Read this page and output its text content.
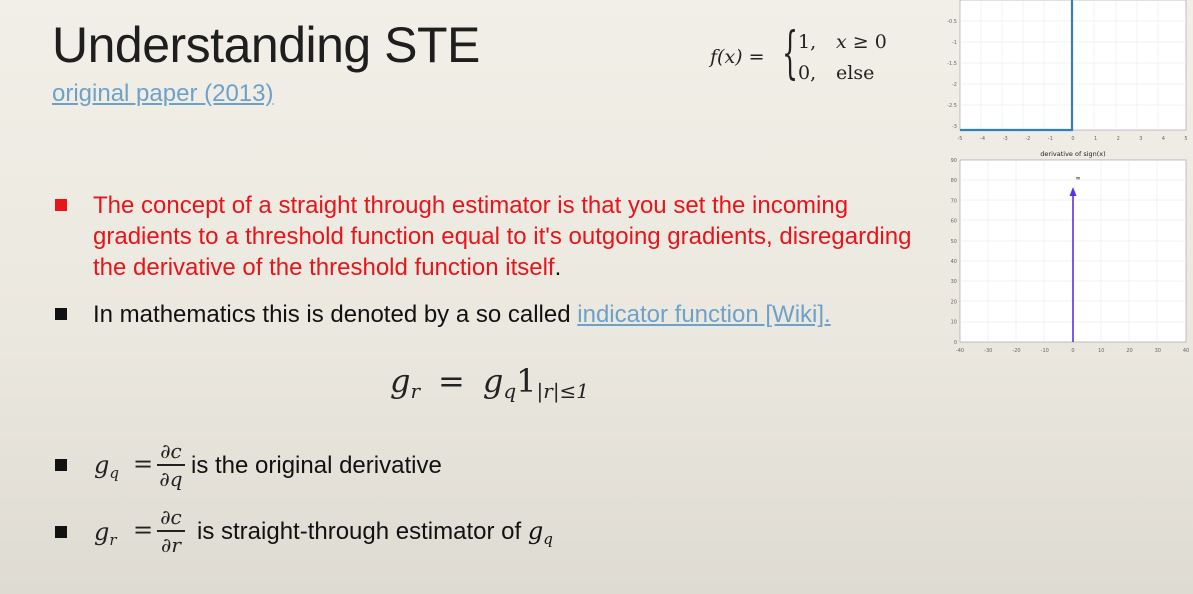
Understanding STE
original paper (2013)
f(x) = { 1, x ≥ 0
0, else
The concept of a straight through estimator is that you set the incoming gradients to a threshold function equal to it's outgoing gradients, disregarding the derivative of the threshold function itself.
In mathematics this is denoted by a so called indicator function [Wiki].
$g_r = g_q1_{|r|\le 1}$
$g_q = \partial c$
∂q is the original derivative
$g_r = \partial c$
∂r is straight-through estimator of $g_q$
-0.5
-1
-1.5
-2
-2.5
-3
-5	-4	-3	-2	-1	0	1	2	3	4	5
derivative of sign(x)
90
80
70
60
50
40
30
20
10
0
-40	-30	-20	-10	0	10	20	30	40
∞
